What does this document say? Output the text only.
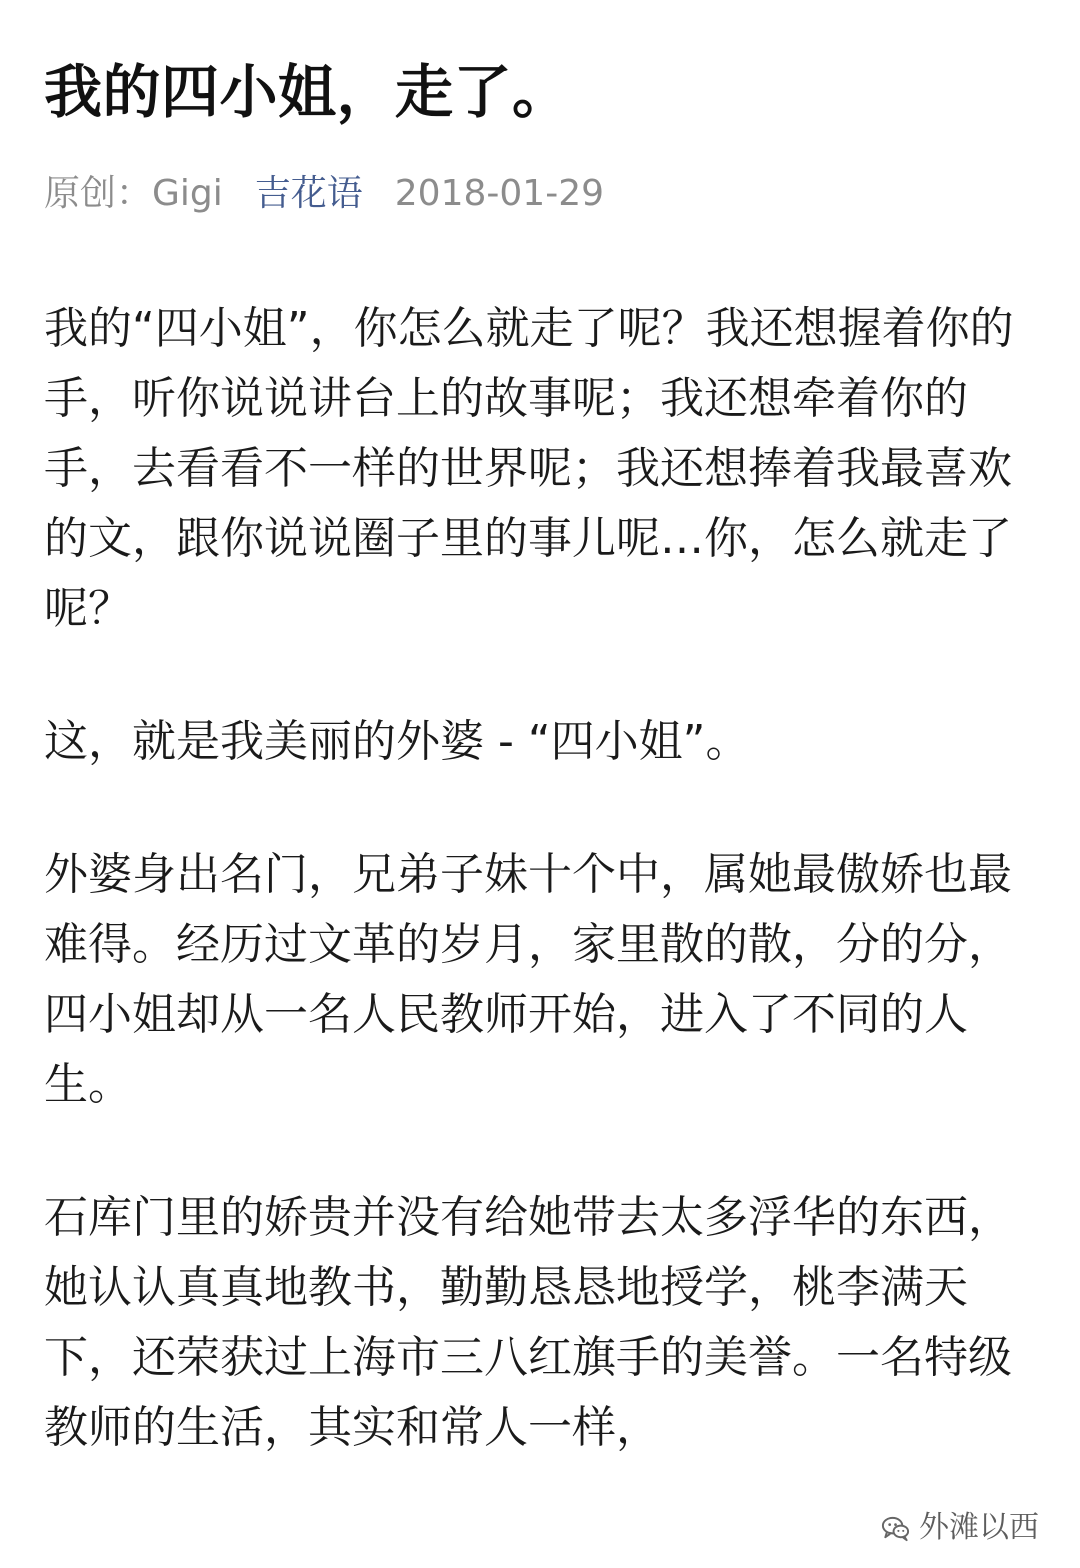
我的四小姐，走了。
原创：Gigi 吉花语 2018-01-29

我的“四小姐”，你怎么就走了呢？我还想握着你的手，听你说说讲台上的故事呢；我还想牵着你的手，去看看不一样的世界呢；我还想捧着我最喜欢的文，跟你说说圈子里的事儿呢…你，怎么就走了呢？

这，就是我美丽的外婆 - “四小姐”。

外婆身出名门，兄弟子妹十个中，属她最傲娇也最难得。经历过文革的岁月，家里散的散，分的分，四小姐却从一名人民教师开始，进入了不同的人生。

石库门里的娇贵并没有给她带去太多浮华的东西，她认认真真地教书，勤勤恳恳地授学，桃李满天下，还荣获过上海市三八红旗手的美誉。一名特级教师的生活，其实和常人一样，

外滩以西
